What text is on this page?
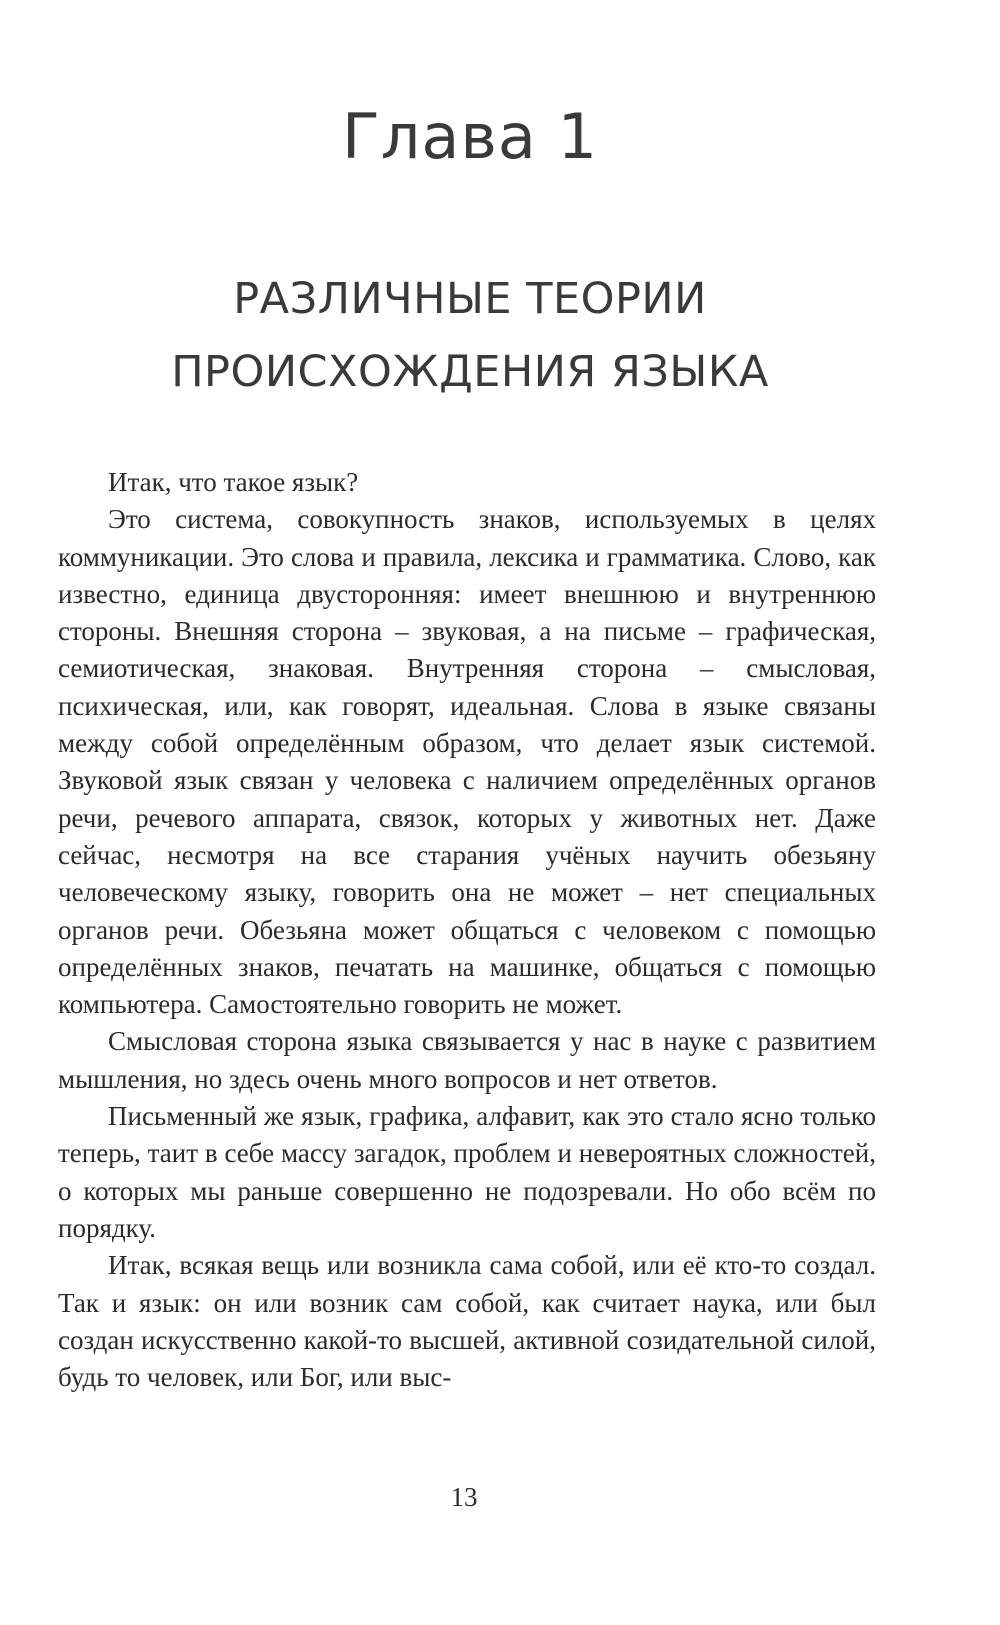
Глава 1
РАЗЛИЧНЫЕ ТЕОРИИ
ПРОИСХОЖДЕНИЯ ЯЗЫКА

Итак, что такое язык?

Это система, совокупность знаков, используемых в целях коммуникации. Это слова и правила, лексика и грамматика. Слово, как известно, единица двусторонняя: имеет внешнюю и внутреннюю стороны. Внешняя сторона – звуковая, а на письме – графическая, семиотическая, знаковая. Внутренняя сторона – смысловая, психическая, или, как говорят, идеальная. Слова в языке связаны между собой определённым образом, что делает язык системой. Звуковой язык связан у человека с наличием определённых органов речи, речевого аппарата, связок, которых у животных нет. Даже сейчас, несмотря на все старания учёных научить обезьяну человеческому языку, говорить она не может – нет специальных органов речи. Обезьяна может общаться с человеком с помощью определённых знаков, печатать на машинке, общаться с помощью компьютера. Самостоятельно говорить не может.

Смысловая сторона языка связывается у нас в науке с развитием мышления, но здесь очень много вопросов и нет ответов.

Письменный же язык, графика, алфавит, как это стало ясно только теперь, таит в себе массу загадок, проблем и невероятных сложностей, о которых мы раньше совершенно не подозревали. Но обо всём по порядку.

Итак, всякая вещь или возникла сама собой, или её кто-то создал. Так и язык: он или возник сам собой, как считает наука, или был создан искусственно какой-то высшей, активной созидательной силой, будь то человек, или Бог, или выс-

13
